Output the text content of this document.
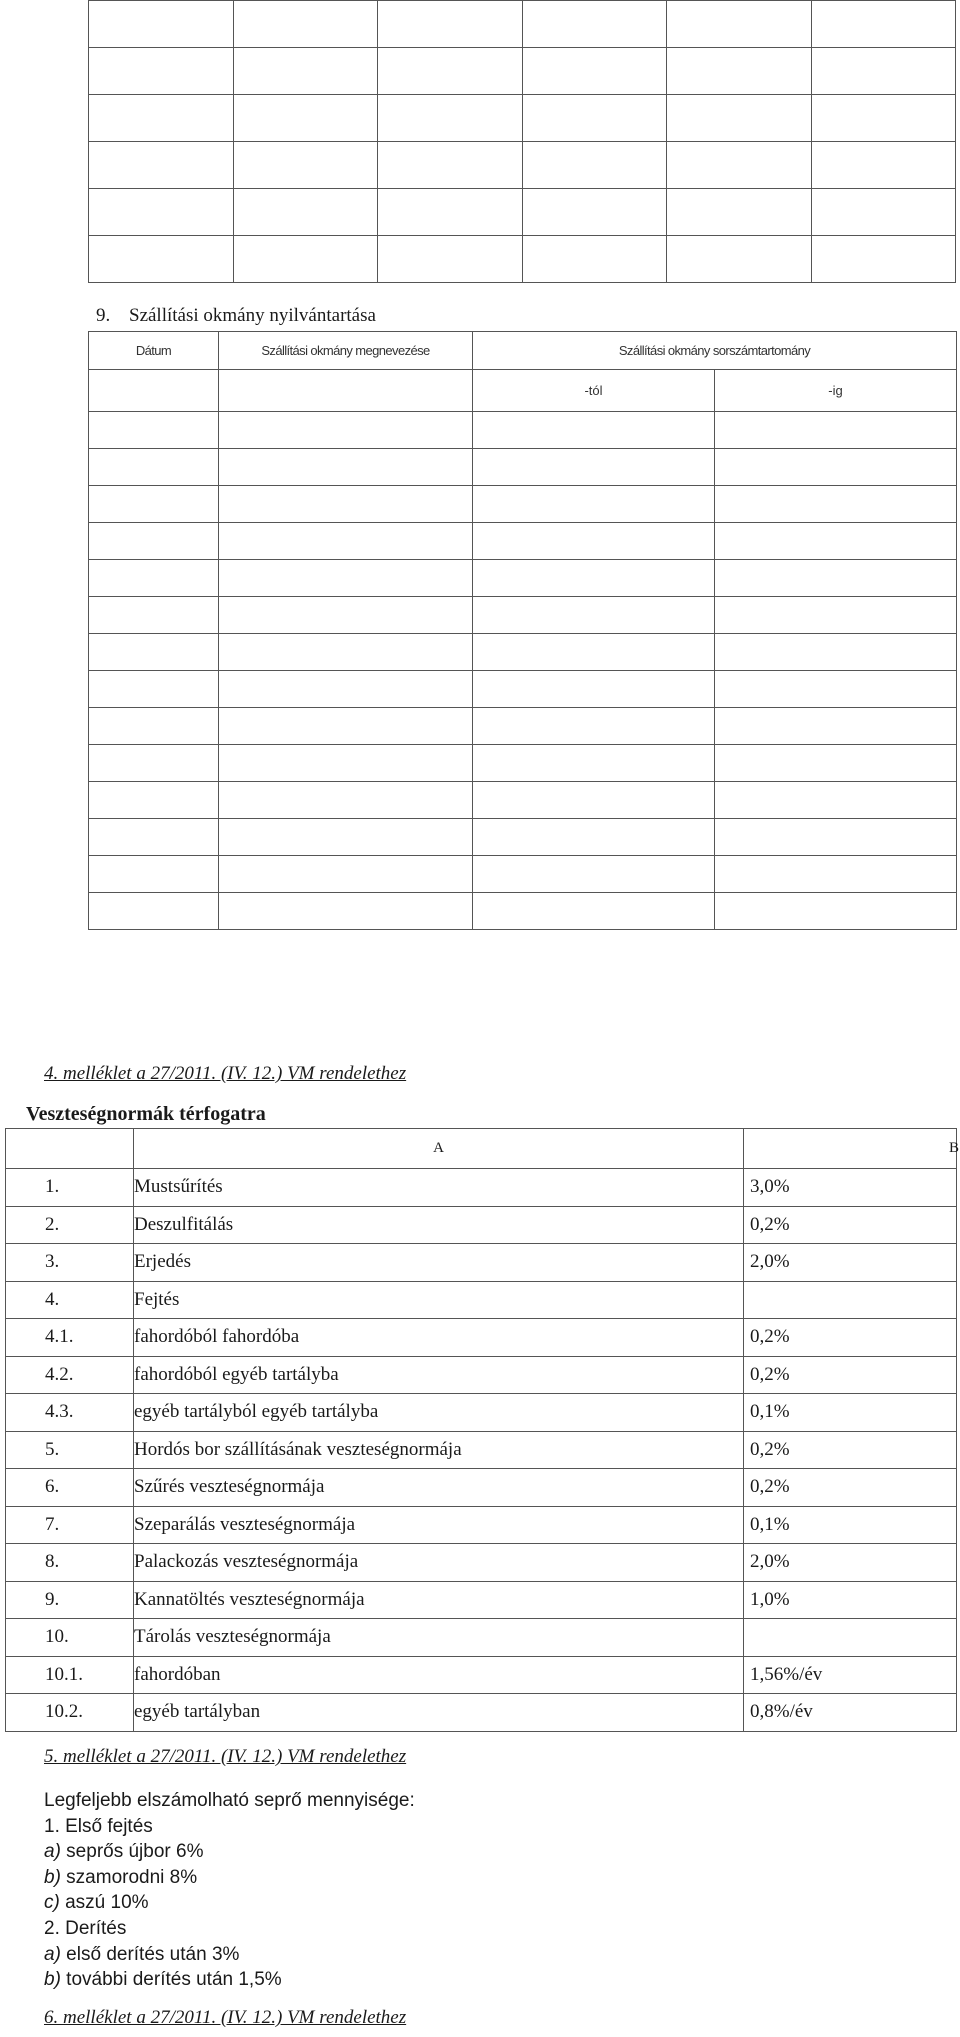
9. Szállítási okmány nyilvántartása
Dátum	Szállítási okmány megnevezése	Szállítási okmány sorszámtartomány	
		-tól	-ig

4. melléklet a 27/2011. (IV. 12.) VM rendelethez
Veszteségnormák térfogatra
	A	B
1.	Mustsűrítés	3,0%
2.	Deszulfitálás	0,2%
3.	Erjedés	2,0%
4.	Fejtés	
4.1.	fahordóból fahordóba	0,2%
4.2.	fahordóból egyéb tartályba	0,2%
4.3.	egyéb tartályból egyéb tartályba	0,1%
5.	Hordós bor szállításának veszteségnormája	0,2%
6.	Szűrés veszteségnormája	0,2%
7.	Szeparálás veszteségnormája	0,1%
8.	Palackozás veszteségnormája	2,0%
9.	Kannatöltés veszteségnormája	1,0%
10.	Tárolás veszteségnormája	
10.1.	fahordóban	1,56%/év
10.2.	egyéb tartályban	0,8%/év
5. melléklet a 27/2011. (IV. 12.) VM rendelethez
Legfeljebb elszámolható seprő mennyisége:
1. Első fejtés
a) seprős újbor 6%
b) szamorodni 8%
c) aszú 10%
2. Derítés
a) első derítés után 3%
b) további derítés után 1,5%
6. melléklet a 27/2011. (IV. 12.) VM rendelethez
